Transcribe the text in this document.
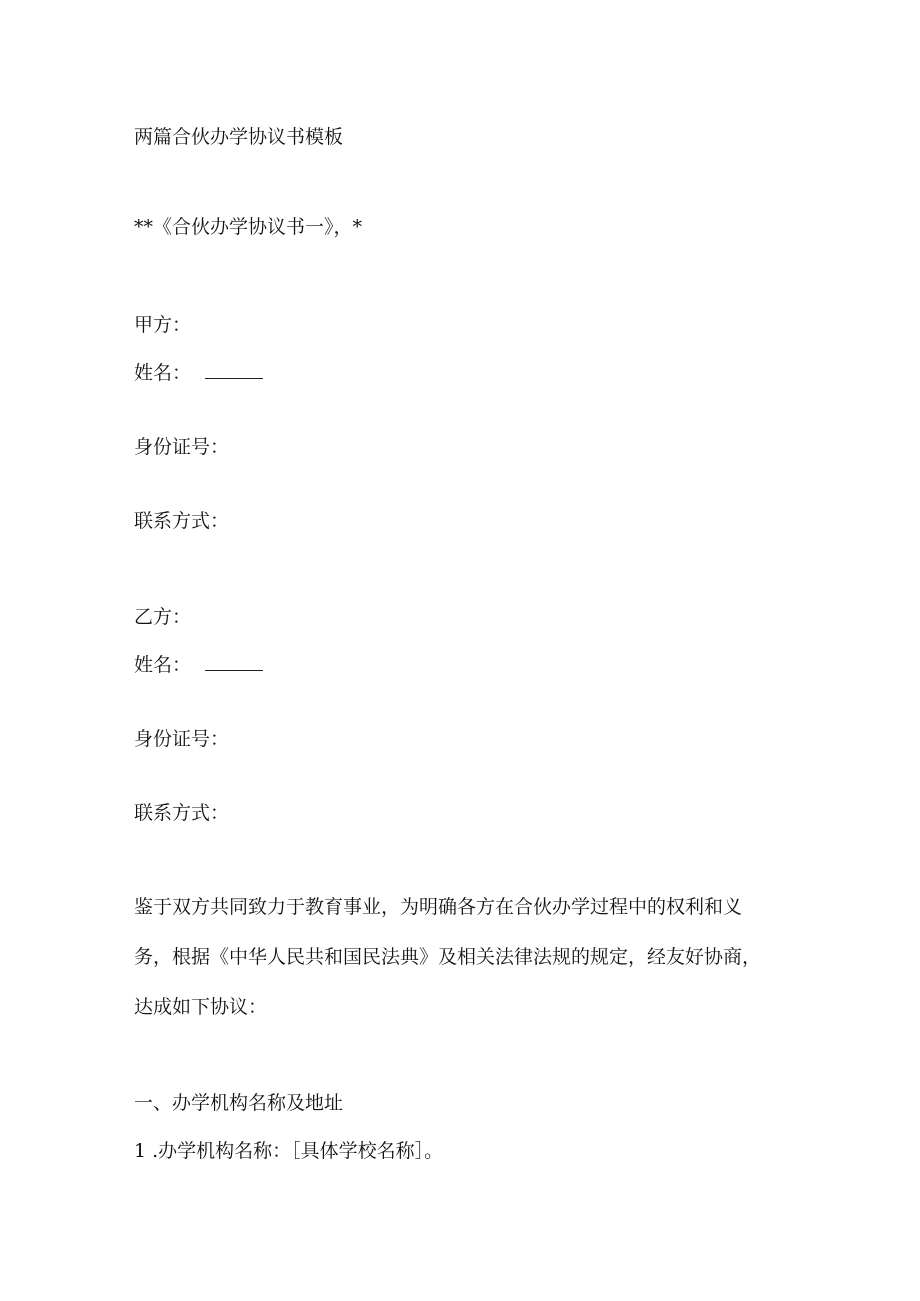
两篇合伙办学协议书模板
**《合伙办学协议书一》，*
甲方：
姓名：
身份证号：
联系方式：
乙方：
姓名：
身份证号：
联系方式：
鉴于双方共同致力于教育事业，为明确各方在合伙办学过程中的权利和义
务，根据《中华人民共和国民法典》及相关法律法规的规定，经友好协商，
达成如下协议：
一、办学机构名称及地址
1 .办学机构名称：［具体学校名称］。
